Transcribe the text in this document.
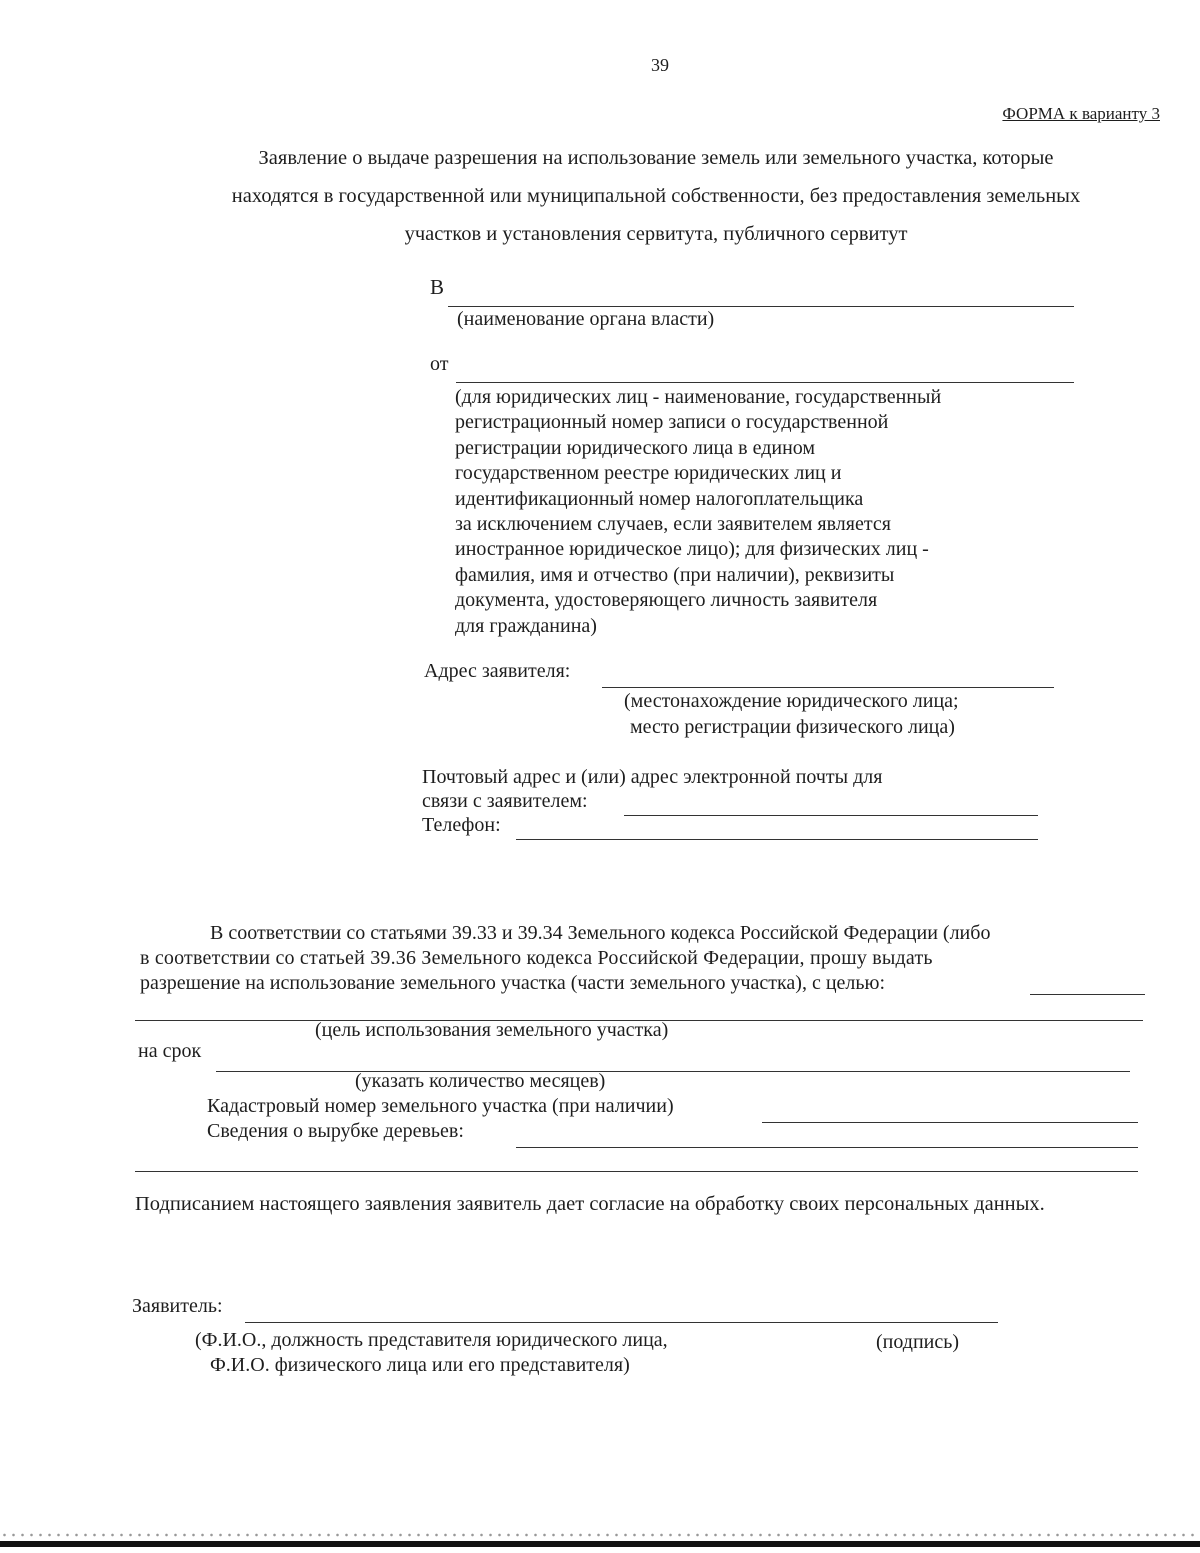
39
ФОРМА к варианту 3
Заявление о выдаче разрешения на использование земель или земельного участка, которые
находятся в государственной или муниципальной собственности, без предоставления земельных
участков и установления сервитута, публичного сервитут
В
(наименование органа власти)
от
(для юридических лиц - наименование, государственный
регистрационный номер записи о государственной
регистрации юридического лица в едином
государственном реестре юридических лиц и
идентификационный номер налогоплательщика
за исключением случаев, если заявителем является
иностранное юридическое лицо); для физических лиц -
фамилия, имя и отчество (при наличии), реквизиты
документа, удостоверяющего личность заявителя
для гражданина)
Адрес заявителя:
(местонахождение юридического лица;
место регистрации физического лица)
Почтовый адрес и (или) адрес электронной почты для
связи с заявителем:
Телефон:
В соответствии со статьями 39.33 и 39.34 Земельного кодекса Российской Федерации (либо
в соответствии со статьей 39.36 Земельного кодекса Российской Федерации, прошу выдать
разрешение на использование земельного участка (части земельного участка), с целью:
(цель использования земельного участка)
на срок
(указать количество месяцев)
Кадастровый номер земельного участка (при наличии)
Сведения о вырубке деревьев:
Подписанием настоящего заявления заявитель дает согласие на обработку своих персональных данных.
Заявитель:
(Ф.И.О., должность представителя юридического лица,
Ф.И.О. физического лица или его представителя)
(подпись)
